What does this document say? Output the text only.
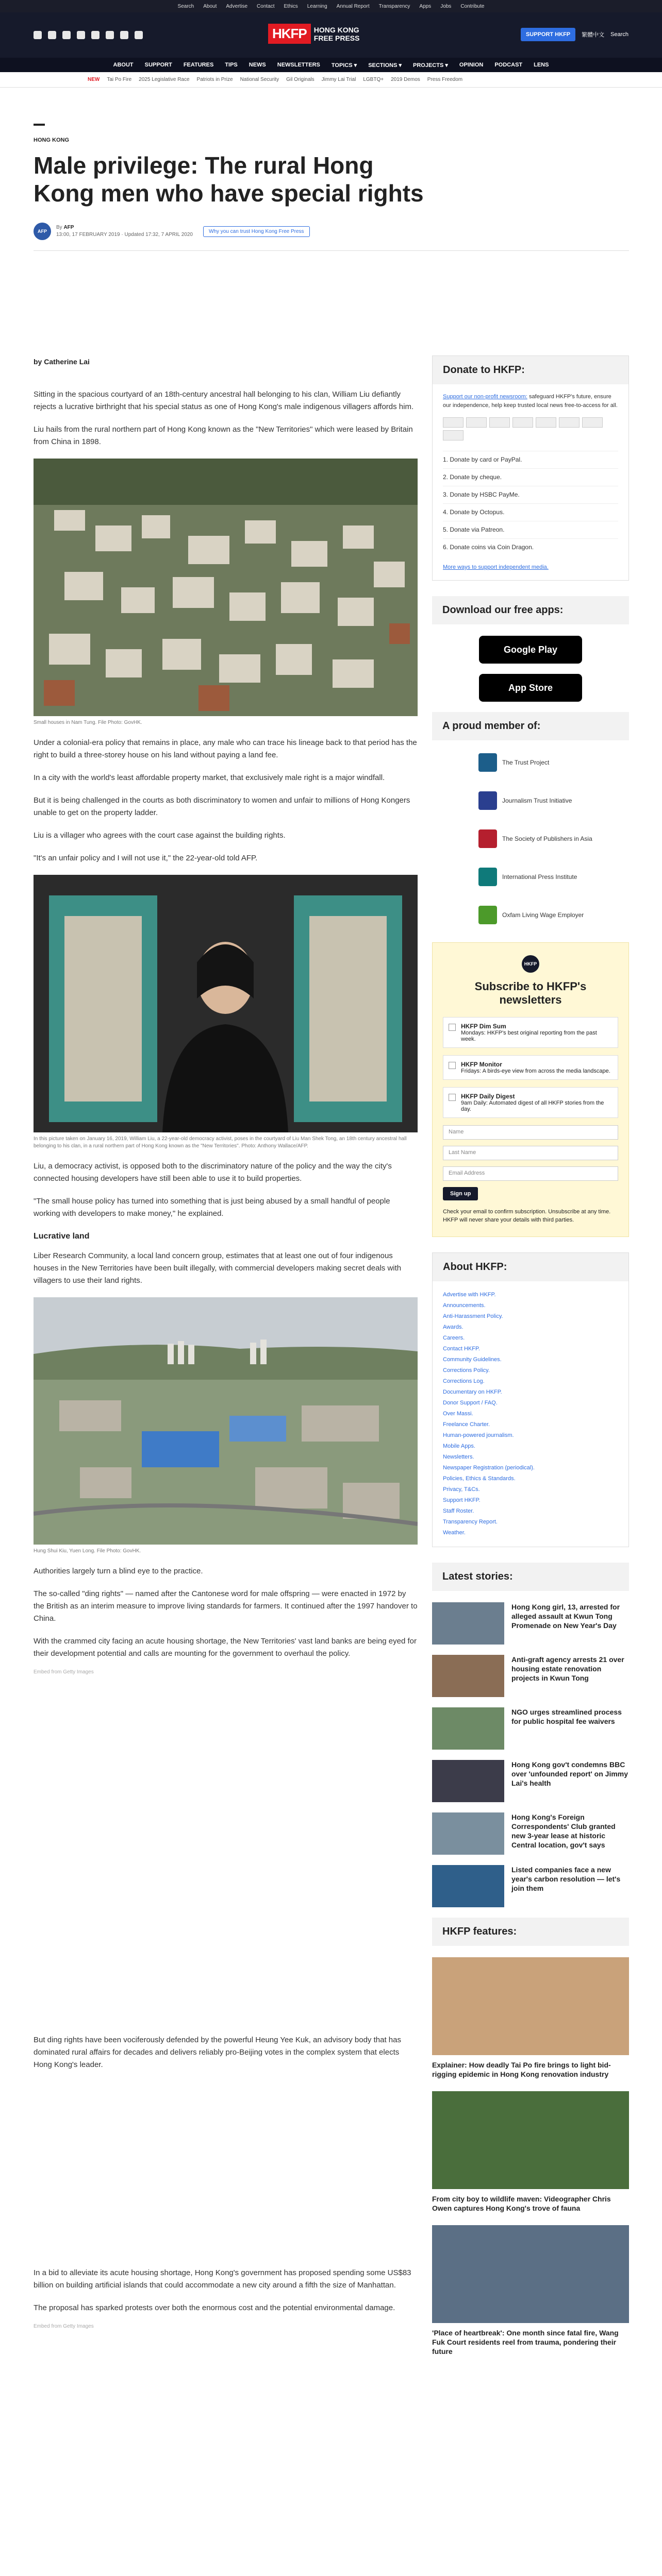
Search About Advertise Contact Ethics Learning Annual Report Transparency Apps Jobs Contribute
HKFP	HONG KONG
FREE PRESS	SUPPORT HKFP	繁體中文 Search
ABOUT SUPPORT FEATURES TIPS NEWS NEWSLETTERS TOPICS ▾ SECTIONS ▾ PROJECTS ▾ OPINION PODCAST LENS
NEW Tai Po Fire 2025 Legislative Race Patriots in Prize National Security Gil Originals Jimmy Lai Trial LGBTQ+ 2019 Demos Press Freedom
HONG KONG
Male privilege: The rural Hong Kong men who have special rights
AFP
By AFP
13:00, 17 FEBRUARY 2019 · Updated 17:32, 7 APRIL 2020
Why you can trust Hong Kong Free Press

by Catherine Lai

Sitting in the spacious courtyard of an 18th-century ancestral hall belonging to his clan, William Liu defiantly rejects a lucrative birthright that his special status as one of Hong Kong's male indigenous villagers affords him.

Liu hails from the rural northern part of Hong Kong known as the "New Territories" which were leased by Britain from China in 1898.

Small houses in Nam Tung. File Photo: GovHK.

Under a colonial-era policy that remains in place, any male who can trace his lineage back to that period has the right to build a three-storey house on his land without paying a land fee.

In a city with the world's least affordable property market, that exclusively male right is a major windfall.

But it is being challenged in the courts as both discriminatory to women and unfair to millions of Hong Kongers unable to get on the property ladder.

Liu is a villager who agrees with the court case against the building rights.

"It's an unfair policy and I will not use it," the 22-year-old told AFP.

In this picture taken on January 16, 2019, William Liu, a 22-year-old democracy activist, poses in the courtyard of Liu Man Shek Tong, an 18th century ancestral hall belonging to his clan, in a rural northern part of Hong Kong known as the "New Territories". Photo: Anthony Wallace/AFP.

Liu, a democracy activist, is opposed both to the discriminatory nature of the policy and the way the city's connected housing developers have still been able to use it to build properties.

"The small house policy has turned into something that is just being abused by a small handful of people working with developers to make money," he explained.

Lucrative land

Liber Research Community, a local land concern group, estimates that at least one out of four indigenous houses in the New Territories have been built illegally, with commercial developers making secret deals with villagers to use their land rights.

Hung Shui Kiu, Yuen Long. File Photo: GovHK.

Authorities largely turn a blind eye to the practice.

The so-called "ding rights" — named after the Cantonese word for male offspring — were enacted in 1972 by the British as an interim measure to improve living standards for farmers. It continued after the 1997 handover to China.

With the crammed city facing an acute housing shortage, the New Territories' vast land banks are being eyed for their development potential and calls are mounting for the government to overhaul the policy.

Embed from Getty Images

But ding rights have been vociferously defended by the powerful Heung Yee Kuk, an advisory body that has dominated rural affairs for decades and delivers reliably pro-Beijing votes in the complex system that elects Hong Kong's leader.

In a bid to alleviate its acute housing shortage, Hong Kong's government has proposed spending some US$83 billion on building artificial islands that could accommodate a new city around a fifth the size of Manhattan.

The proposal has sparked protests over both the enormous cost and the potential environmental damage.

Embed from Getty Images

Donate to HKFP:
Support our non-profit newsroom: safeguard HKFP's future, ensure our independence, help keep trusted local news free-to-access for all.
1. Donate by card or PayPal.
2. Donate by cheque.
3. Donate by HSBC PayMe.
4. Donate by Octopus.
5. Donate via Patreon.
6. Donate coins via Coin Dragon.
More ways to support independent media.
Download our free apps:
Google Play
App Store
A proud member of:
The Trust Project
Journalism Trust Initiative
The Society of Publishers in Asia
International Press Institute
Oxfam Living Wage Employer
HKFP
Subscribe to HKFP's newsletters
HKFP Dim Sum
Mondays: HKFP's best original reporting from the past week.
HKFP Monitor
Fridays: A birds-eye view from across the media landscape.
HKFP Daily Digest
9am Daily: Automated digest of all HKFP stories from the day.
Name
Last Name
Email Address
Sign up
Check your email to confirm subscription. Unsubscribe at any time. HKFP will never share your details with third parties.
About HKFP:
Advertise with HKFP.
Announcements.
Anti-Harassment Policy.
Awards.
Careers.
Contact HKFP.
Community Guidelines.
Corrections Policy.
Corrections Log.
Documentary on HKFP.
Donor Support / FAQ.
Over Massi.
Freelance Charter.
Human-powered journalism.
Mobile Apps.
Newsletters.
Newspaper Registration (periodical).
Policies, Ethics & Standards.
Privacy, T&Cs.
Support HKFP.
Staff Roster.
Transparency Report.
Weather.
Latest stories:
Hong Kong girl, 13, arrested for alleged assault at Kwun Tong Promenade on New Year's Day
Anti-graft agency arrests 21 over housing estate renovation projects in Kwun Tong
NGO urges streamlined process for public hospital fee waivers
Hong Kong gov't condemns BBC over 'unfounded report' on Jimmy Lai's health
Hong Kong's Foreign Correspondents' Club granted new 3-year lease at historic Central location, gov't says
Listed companies face a new year's carbon resolution — let's join them
HKFP features:
Explainer: How deadly Tai Po fire brings to light bid-rigging epidemic in Hong Kong renovation industry
From city boy to wildlife maven: Videographer Chris Owen captures Hong Kong's trove of fauna
'Place of heartbreak': One month since fatal fire, Wang Fuk Court residents reel from trauma, pondering their future
